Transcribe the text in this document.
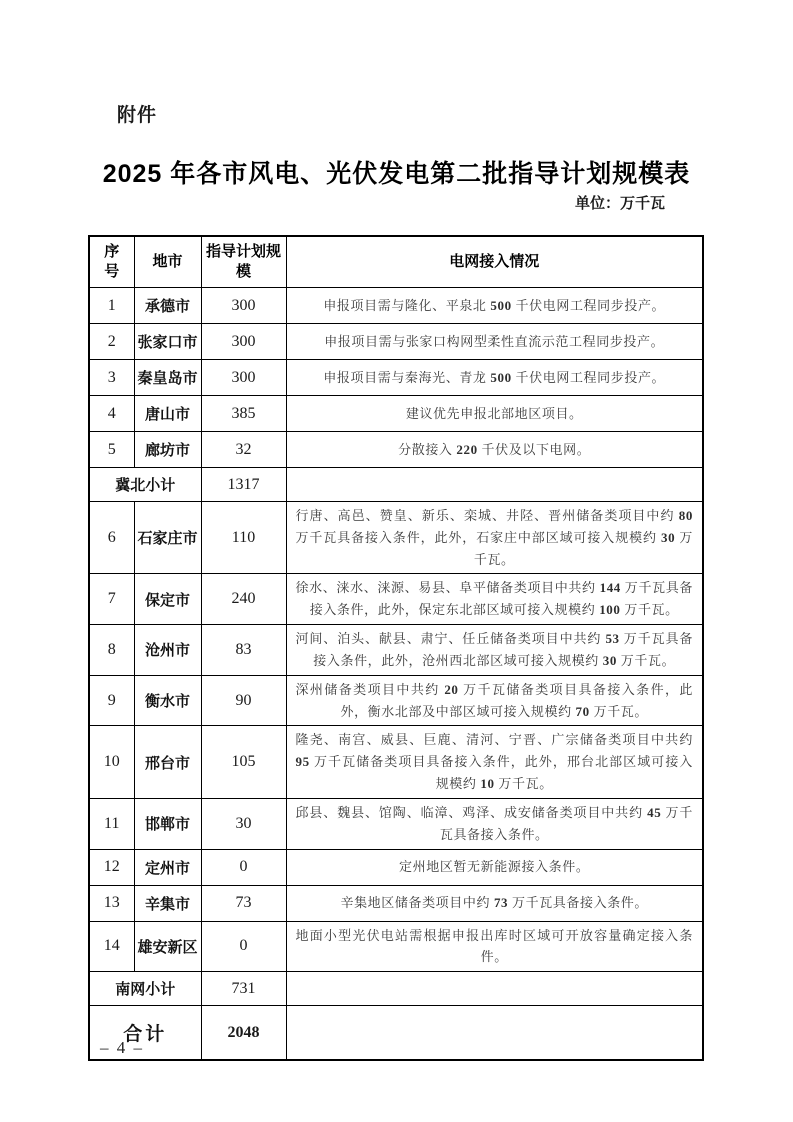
附件
2025 年各市风电、光伏发电第二批指导计划规模表
单位：万千瓦
序号	地市	指导计划规模	电网接入情况
1	承德市	300	申报项目需与隆化、平泉北 500 千伏电网工程同步投产。
2	张家口市	300	申报项目需与张家口构网型柔性直流示范工程同步投产。
3	秦皇岛市	300	申报项目需与秦海光、青龙 500 千伏电网工程同步投产。
4	唐山市	385	建议优先申报北部地区项目。
5	廊坊市	32	分散接入 220 千伏及以下电网。
冀北小计		1317	
6	石家庄市	110	行唐、高邑、赞皇、新乐、栾城、井陉、晋州储备类项目中约 80 万千瓦具备接入条件，此外，石家庄中部区域可接入规模约 30 万千瓦。
7	保定市	240	徐水、涞水、涞源、易县、阜平储备类项目中共约 144 万千瓦具备接入条件，此外，保定东北部区域可接入规模约 100 万千瓦。
8	沧州市	83	河间、泊头、献县、肃宁、任丘储备类项目中共约 53 万千瓦具备接入条件，此外，沧州西北部区域可接入规模约 30 万千瓦。
9	衡水市	90	深州储备类项目中共约 20 万千瓦储备类项目具备接入条件，此外，衡水北部及中部区域可接入规模约 70 万千瓦。
10	邢台市	105	隆尧、南宫、威县、巨鹿、清河、宁晋、广宗储备类项目中共约 95 万千瓦储备类项目具备接入条件，此外，邢台北部区域可接入规模约 10 万千瓦。
11	邯郸市	30	邱县、魏县、馆陶、临漳、鸡泽、成安储备类项目中共约 45 万千瓦具备接入条件。
12	定州市	0	定州地区暂无新能源接入条件。
13	辛集市	73	辛集地区储备类项目中约 73 万千瓦具备接入条件。
14	雄安新区	0	地面小型光伏电站需根据申报出库时区域可开放容量确定接入条件。
南网小计		731	
合计		2048	
– 4 –
